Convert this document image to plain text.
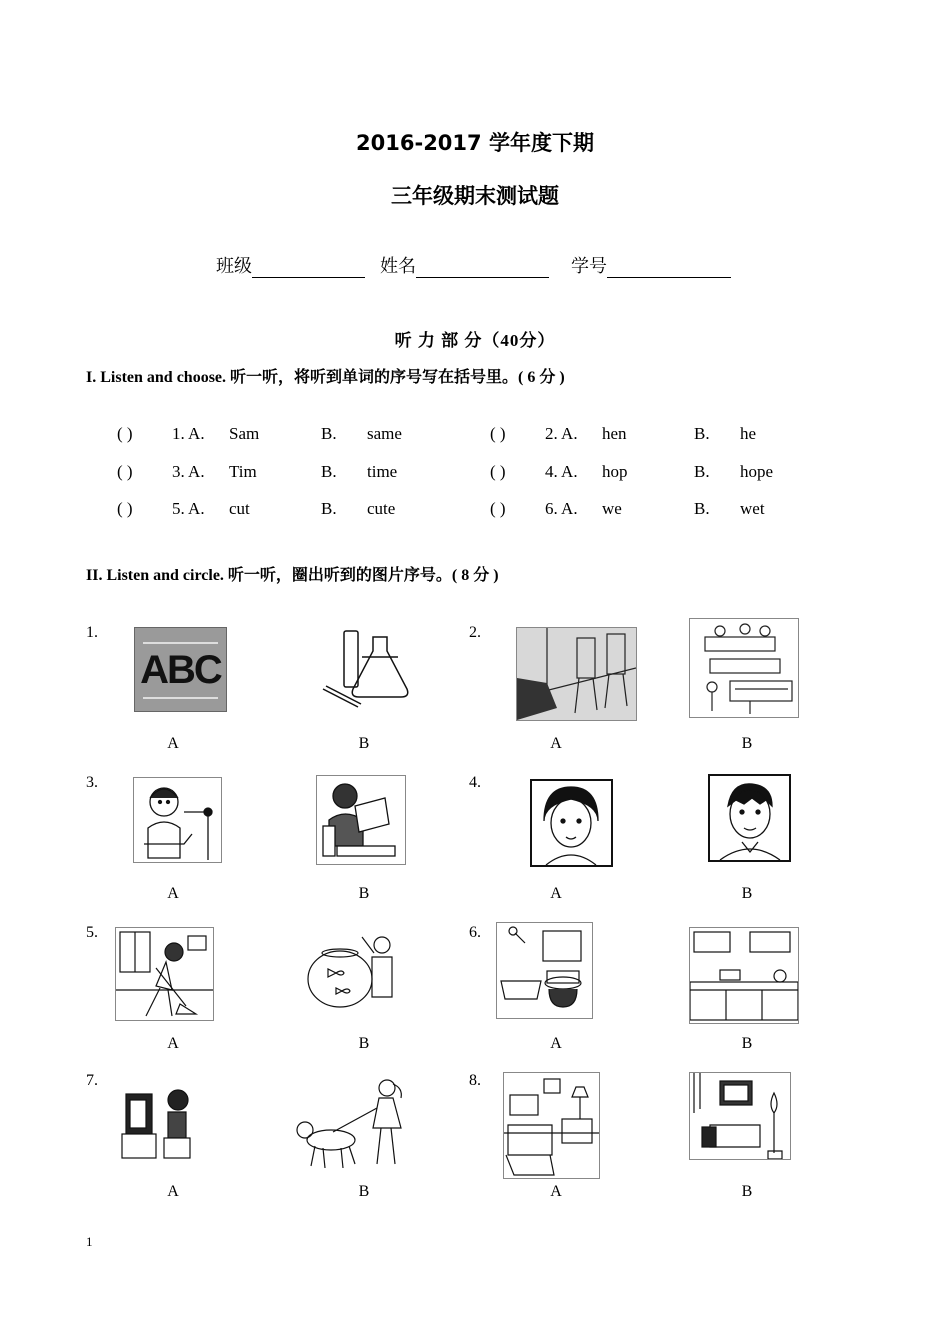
2016-2017 学年度下期
三年级期末测试题
班级	姓名	学号
听 力 部 分（40分）
I. Listen and choose. 听一听，将听到单词的序号写在括号里。( 6 分 )
( ) 1. A. Sam	B. same	( ) 2. A. hen	B. he
( ) 3. A. Tim	B. time	( ) 4. A. hop	B. hope
( ) 5. A. cut	B. cute	( ) 6. A. we	B. wet
II. Listen and circle. 听一听，圈出听到的图片序号。( 8 分 )
1.	2.
3.	4.
5.	6.
7.	8.
ABC
A	B	A	B
A	B	A	B
A	B	A	B
A	B	A	B
1
